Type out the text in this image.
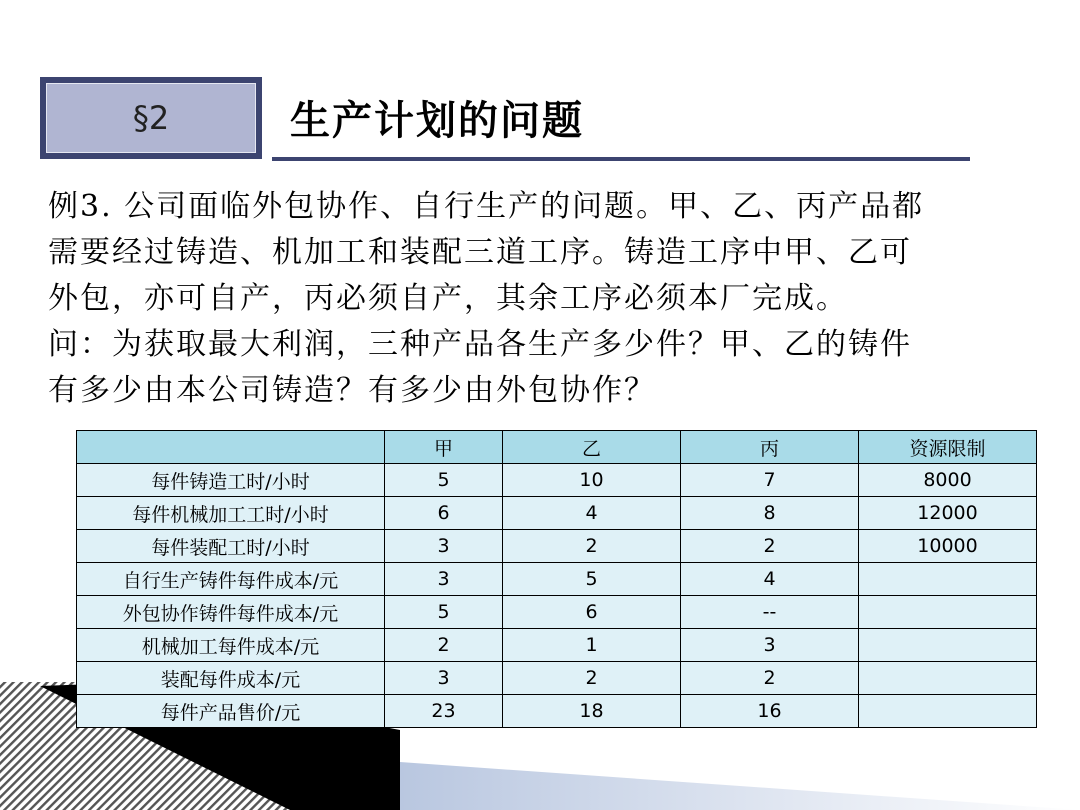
§2	生产计划的问题

例3. 公司面临外包协作、自行生产的问题。甲、乙、丙产品都

需要经过铸造、机加工和装配三道工序。铸造工序中甲、乙可

外包，亦可自产，丙必须自产，其余工序必须本厂完成。

问：为获取最大利润，三种产品各生产多少件？甲、乙的铸件

有多少由本公司铸造？有多少由外包协作？

	甲	乙	丙	资源限制
每件铸造工时/小时	5	10	7	8000
每件机械加工工时/小时	6	4	8	12000
每件装配工时/小时	3	2	2	10000
自行生产铸件每件成本/元	3	5	4	
外包协作铸件每件成本/元	5	6	--	
机械加工每件成本/元	2	1	3	
装配每件成本/元	3	2	2	
每件产品售价/元	23	18	16	
